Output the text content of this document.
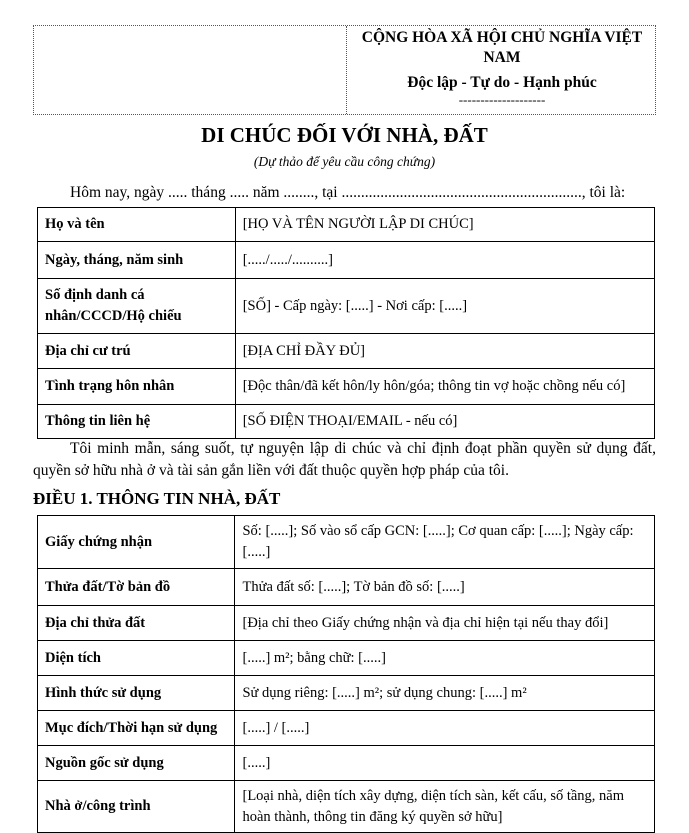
CỘNG HÒA XÃ HỘI CHỦ NGHĨA VIỆT
NAM
Độc lập - Tự do - Hạnh phúc
--------------------
DI CHÚC ĐỐI VỚI NHÀ, ĐẤT
(Dự thảo để yêu cầu công chứng)
Hôm nay, ngày ..... tháng ..... năm ........, tại .............................................................., tôi là:
Họ và tên	[HỌ VÀ TÊN NGƯỜI LẬP DI CHÚC]
Ngày, tháng, năm sinh	[...../...../..........]
Số định danh cá nhân/CCCD/Hộ chiếu	[SỐ] - Cấp ngày: [.....] - Nơi cấp: [.....]
Địa chỉ cư trú	[ĐỊA CHỈ ĐẦY ĐỦ]
Tình trạng hôn nhân	[Độc thân/đã kết hôn/ly hôn/góa; thông tin vợ hoặc chồng nếu có]
Thông tin liên hệ	[SỐ ĐIỆN THOẠI/EMAIL - nếu có]
Tôi minh mẫn, sáng suốt, tự nguyện lập di chúc và chỉ định đoạt phần quyền sử dụng đất,
quyền sở hữu nhà ở và tài sản gắn liền với đất thuộc quyền hợp pháp của tôi.
ĐIỀU 1. THÔNG TIN NHÀ, ĐẤT
Giấy chứng nhận	Số: [.....]; Số vào sổ cấp GCN: [.....]; Cơ quan cấp: [.....]; Ngày cấp: [.....]
Thửa đất/Tờ bản đồ	Thửa đất số: [.....]; Tờ bản đồ số: [.....]
Địa chỉ thửa đất	[Địa chỉ theo Giấy chứng nhận và địa chỉ hiện tại nếu thay đổi]
Diện tích	[.....] m²; bằng chữ: [.....]
Hình thức sử dụng	Sử dụng riêng: [.....] m²; sử dụng chung: [.....] m²
Mục đích/Thời hạn sử dụng	[.....] / [.....]
Nguồn gốc sử dụng	[.....]
Nhà ở/công trình	[Loại nhà, diện tích xây dựng, diện tích sàn, kết cấu, số tầng, năm hoàn thành, thông tin đăng ký quyền sở hữu]
